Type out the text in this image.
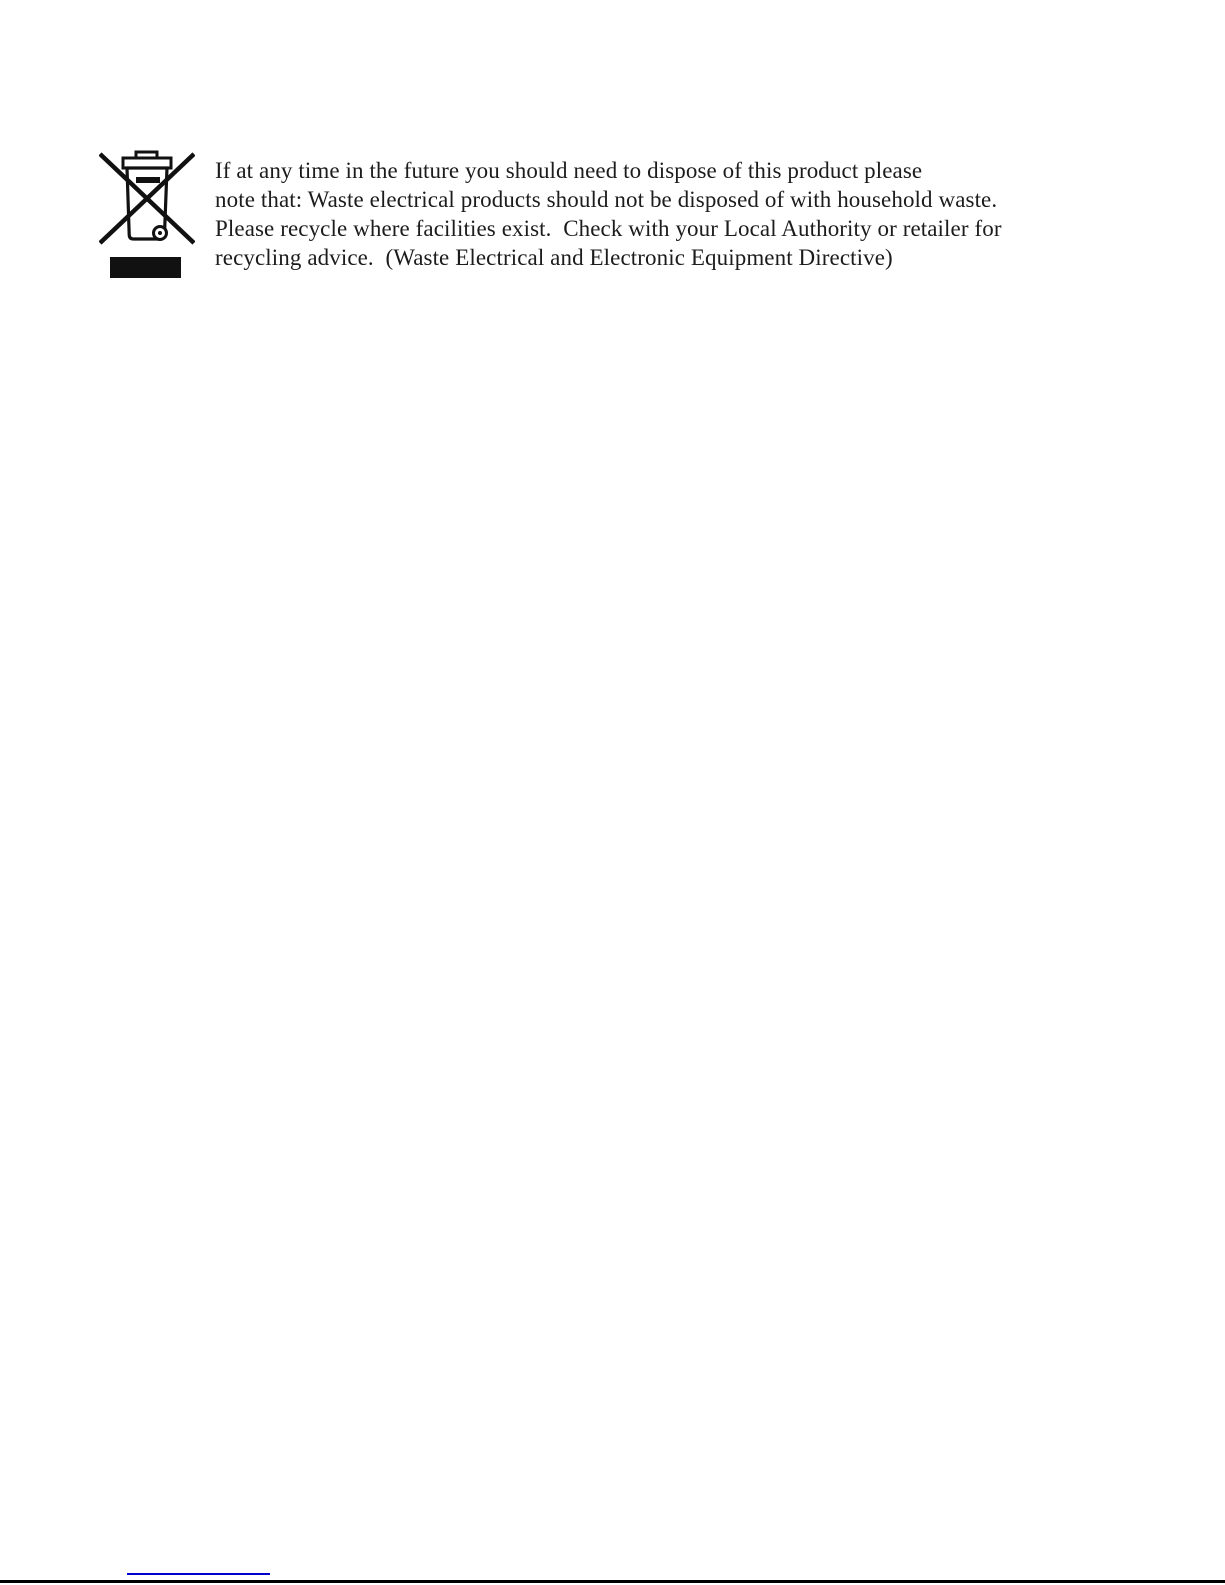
If at any time in the future you should need to dispose of this product please
note that: Waste electrical products should not be disposed of with household waste.
Please recycle where facilities exist.  Check with your Local Authority or retailer for
recycling advice.  (Waste Electrical and Electronic Equipment Directive)
